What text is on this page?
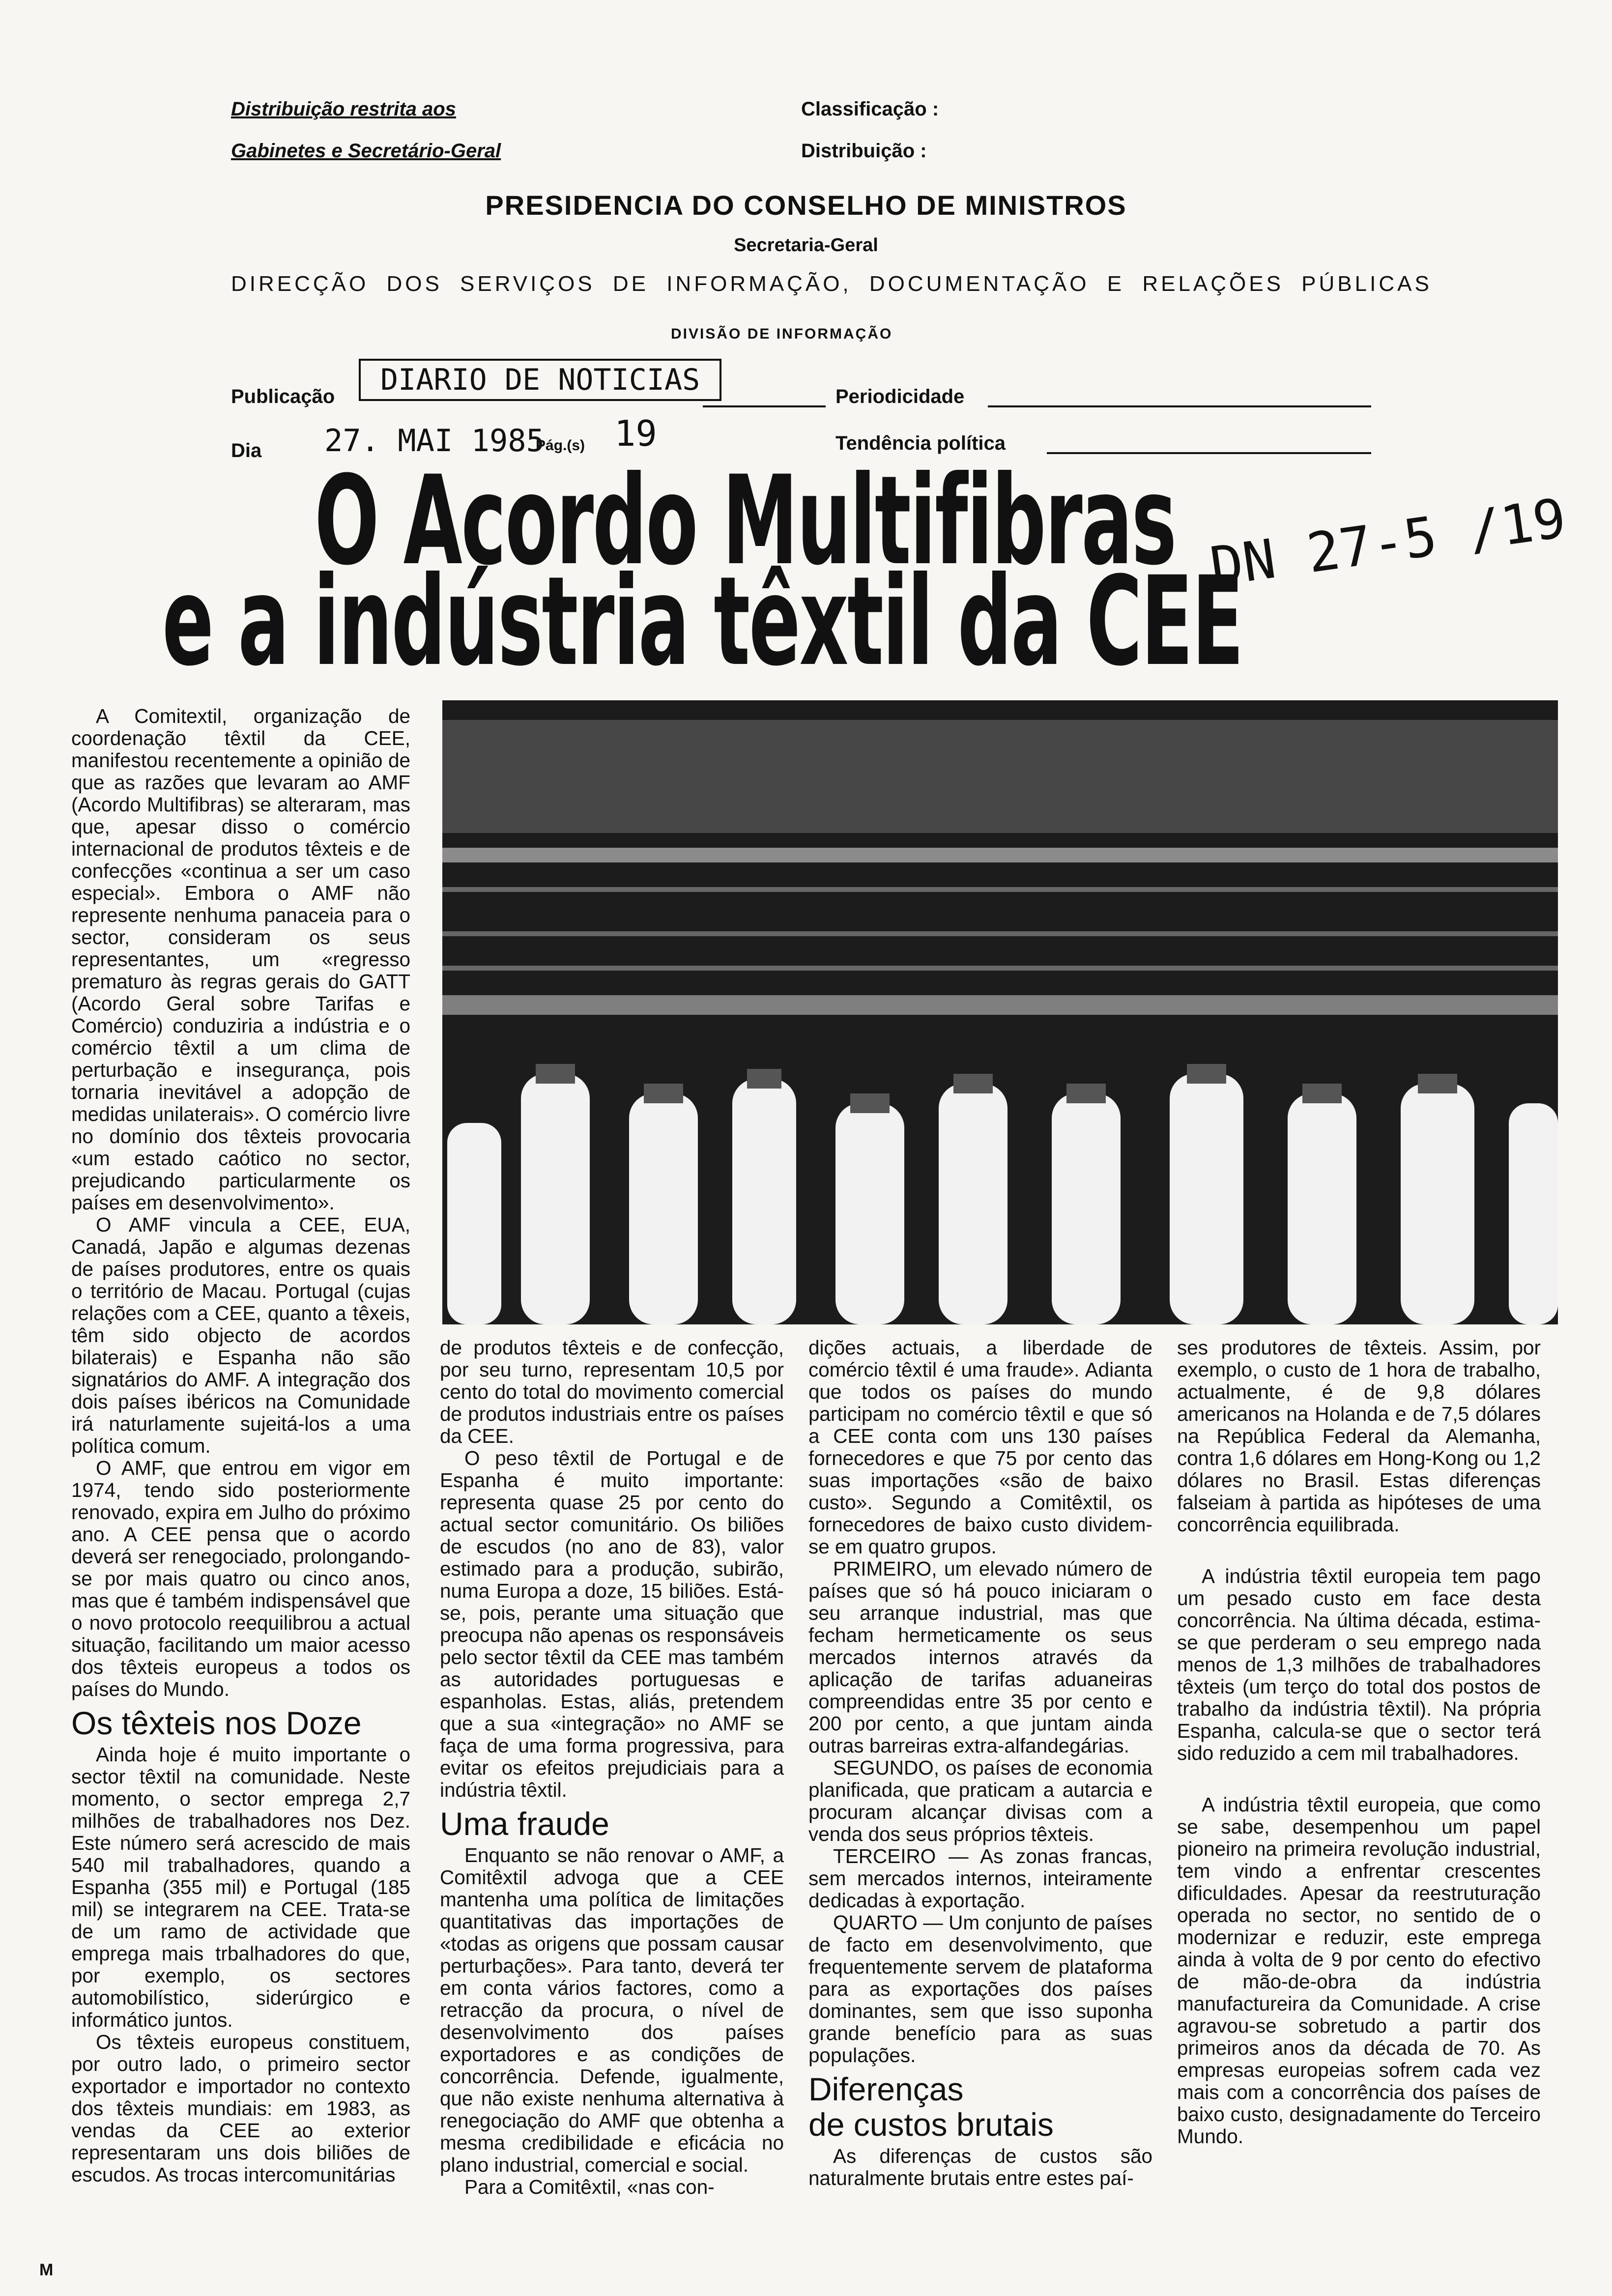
Distribuição restrita aos
Gabinetes e Secretário-Geral
Classificação :
Distribuição :
PRESIDENCIA DO CONSELHO DE MINISTROS
Secretaria-Geral
DIRECÇÃO DOS SERVIÇOS DE INFORMAÇÃO, DOCUMENTAÇÃO E RELAÇÕES PÚBLICAS
DIVISÃO DE INFORMAÇÃO
Publicação	DIARIO DE NOTICIAS	Periodicidade
Dia 27. MAI 1985
Pág.(s) 19	Tendência política
O Acordo Multifibras
e a indústria têxtil da CEE
DN 27-5 /19

A Comitextil, organização de coordenação têxtil da CEE, manifestou recentemente a opinião de que as razões que levaram ao AMF (Acordo Multifibras) se alteraram, mas que, apesar disso o comércio internacional de produtos têxteis e de confecções «continua a ser um caso especial». Embora o AMF não represente nenhuma panaceia para o sector, consideram os seus representantes, um «regresso prematuro às regras gerais do GATT (Acordo Geral sobre Tarifas e Comércio) conduziria a indústria e o comércio têxtil a um clima de perturbação e insegurança, pois tornaria inevitável a adopção de medidas unilaterais». O comércio livre no domínio dos têxteis provocaria «um estado caótico no sector, prejudicando particularmente os países em desenvolvimento».

O AMF vincula a CEE, EUA, Canadá, Japão e algumas dezenas de países produtores, entre os quais o território de Macau. Portugal (cujas relações com a CEE, quanto a têxeis, têm sido objecto de acordos bilaterais) e Espanha não são signatários do AMF. A integração dos dois países ibéricos na Comunidade irá naturlamente sujeitá-los a uma política comum.

O AMF, que entrou em vigor em 1974, tendo sido posteriormente renovado, expira em Julho do próximo ano. A CEE pensa que o acordo deverá ser renegociado, prolongando-se por mais quatro ou cinco anos, mas que é também indispensável que o novo protocolo reequilibrou a actual situação, facilitando um maior acesso dos têxteis europeus a todos os países do Mundo.

Os têxteis nos Doze

Ainda hoje é muito importante o sector têxtil na comunidade. Neste momento, o sector emprega 2,7 milhões de trabalhadores nos Dez. Este número será acrescido de mais 540 mil trabalhadores, quando a Espanha (355 mil) e Portugal (185 mil) se integrarem na CEE. Trata-se de um ramo de actividade que emprega mais trbalhadores do que, por exemplo, os sectores automobilístico, siderúrgico e informático juntos.

Os têxteis europeus constituem, por outro lado, o primeiro sector exportador e importador no contexto dos têxteis mundiais: em 1983, as vendas da CEE ao exterior representaram uns dois biliões de escudos. As trocas intercomunitárias

de produtos têxteis e de confecção, por seu turno, representam 10,5 por cento do total do movimento comercial de produtos industriais entre os países da CEE.

O peso têxtil de Portugal e de Espanha é muito importante: representa quase 25 por cento do actual sector comunitário. Os biliões de escudos (no ano de 83), valor estimado para a produção, subirão, numa Europa a doze, 15 biliões. Está-se, pois, perante uma situação que preocupa não apenas os responsáveis pelo sector têxtil da CEE mas também as autoridades portuguesas e espanholas. Estas, aliás, pretendem que a sua «integração» no AMF se faça de uma forma progressiva, para evitar os efeitos prejudiciais para a indústria têxtil.

Uma fraude

Enquanto se não renovar o AMF, a Comitêxtil advoga que a CEE mantenha uma política de limitações quantitativas das importações de «todas as origens que possam causar perturbações». Para tanto, deverá ter em conta vários factores, como a retracção da procura, o nível de desenvolvimento dos países exportadores e as condições de concorrência. Defende, igualmente, que não existe nenhuma alternativa à renegociação do AMF que obtenha a mesma credibilidade e eficácia no plano industrial, comercial e social.

Para a Comitêxtil, «nas con-

dições actuais, a liberdade de comércio têxtil é uma fraude». Adianta que todos os países do mundo participam no comércio têxtil e que só a CEE conta com uns 130 países fornecedores e que 75 por cento das suas importações «são de baixo custo». Segundo a Comitêxtil, os fornecedores de baixo custo dividem-se em quatro grupos.

PRIMEIRO, um elevado número de países que só há pouco iniciaram o seu arranque industrial, mas que fecham hermeticamente os seus mercados internos através da aplicação de tarifas aduaneiras compreendidas entre 35 por cento e 200 por cento, a que juntam ainda outras barreiras extra-alfandegárias.

SEGUNDO, os países de economia planificada, que praticam a autarcia e procuram alcançar divisas com a venda dos seus próprios têxteis.

TERCEIRO — As zonas francas, sem mercados internos, inteiramente dedicadas à exportação.

QUARTO — Um conjunto de países de facto em desenvolvimento, que frequentemente servem de plataforma para as exportações dos países dominantes, sem que isso suponha grande benefício para as suas populações.

Diferenças
de custos brutais

As diferenças de custos são naturalmente brutais entre estes paí-

ses produtores de têxteis. Assim, por exemplo, o custo de 1 hora de trabalho, actualmente, é de 9,8 dólares americanos na Holanda e de 7,5 dólares na República Federal da Alemanha, contra 1,6 dólares em Hong-Kong ou 1,2 dólares no Brasil. Estas diferenças falseiam à partida as hipóteses de uma concorrência equilibrada.

A indústria têxtil europeia tem pago um pesado custo em face desta concorrência. Na última década, estima-se que perderam o seu emprego nada menos de 1,3 milhões de trabalhadores têxteis (um terço do total dos postos de trabalho da indústria têxtil). Na própria Espanha, calcula-se que o sector terá sido reduzido a cem mil trabalhadores.

A indústria têxtil europeia, que como se sabe, desempenhou um papel pioneiro na primeira revolução industrial, tem vindo a enfrentar crescentes dificuldades. Apesar da reestruturação operada no sector, no sentido de o modernizar e reduzir, este emprega ainda à volta de 9 por cento do efectivo de mão-de-obra da indústria manufactureira da Comunidade. A crise agravou-se sobretudo a partir dos primeiros anos da década de 70. As empresas europeias sofrem cada vez mais com a concorrência dos países de baixo custo, designadamente do Terceiro Mundo.

M
